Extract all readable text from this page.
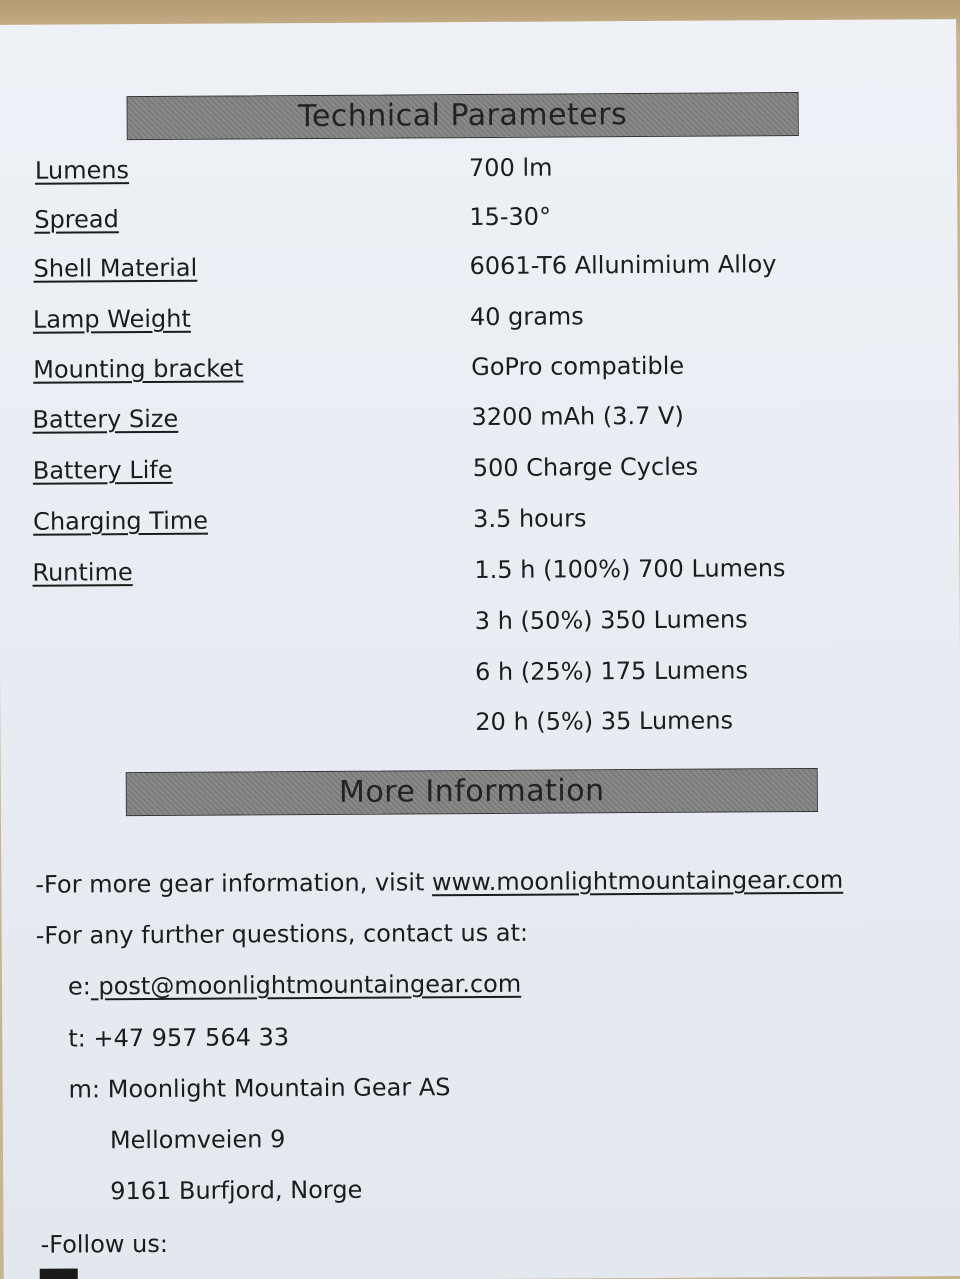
Technical Parameters
Lumens
Spread
Shell Material
Lamp Weight
Mounting bracket
Battery Size
Battery Life
Charging Time
Runtime
700 lm
15-30°
6061-T6 Allunimium Alloy
40 grams
GoPro compatible
3200 mAh (3.7 V)
500 Charge Cycles
3.5 hours
1.5 h (100%) 700 Lumens
3 h (50%) 350 Lumens
6 h (25%) 175 Lumens
20 h (5%) 35 Lumens
More Information
-For more gear information, visit www.moonlightmountaingear.com
-For any further questions, contact us at:
e: post@moonlightmountaingear.com
t: +47 957 564 33
m: Moonlight Mountain Gear AS
Mellomveien 9
9161 Burfjord, Norge
-Follow us:
